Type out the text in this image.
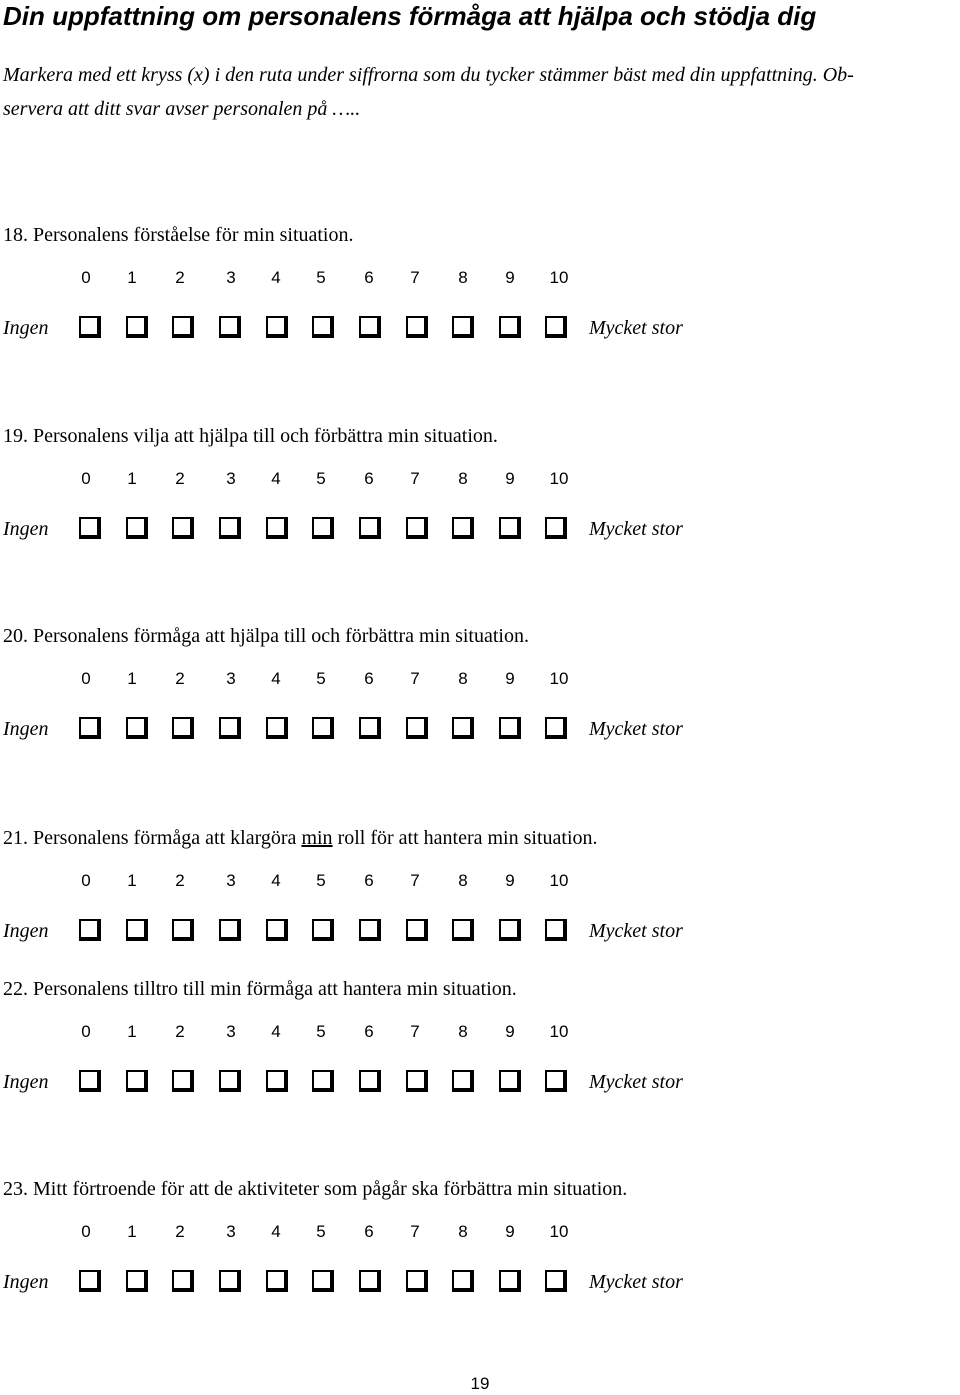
Din uppfattning om personalens förmåga att hjälpa och stödja dig
Markera med ett kryss (x) i den ruta under siffrorna som du tycker stämmer bäst med din uppfattning. Ob-
servera att ditt svar avser personalen på …..
18. Personalens förståelse för min situation.
0	1	2	3	4	5	6	7	8	9	10
Ingen	Mycket stor
19. Personalens vilja att hjälpa till och förbättra min situation.
0	1	2	3	4	5	6	7	8	9	10
Ingen	Mycket stor
20. Personalens förmåga att hjälpa till och förbättra min situation.
0	1	2	3	4	5	6	7	8	9	10
Ingen	Mycket stor
21. Personalens förmåga att klargöra min roll för att hantera min situation.
0	1	2	3	4	5	6	7	8	9	10
Ingen	Mycket stor
22. Personalens tilltro till min förmåga att hantera min situation.
0	1	2	3	4	5	6	7	8	9	10
Ingen	Mycket stor
23. Mitt förtroende för att de aktiviteter som pågår ska förbättra min situation.
0	1	2	3	4	5	6	7	8	9	10
Ingen	Mycket stor
19
